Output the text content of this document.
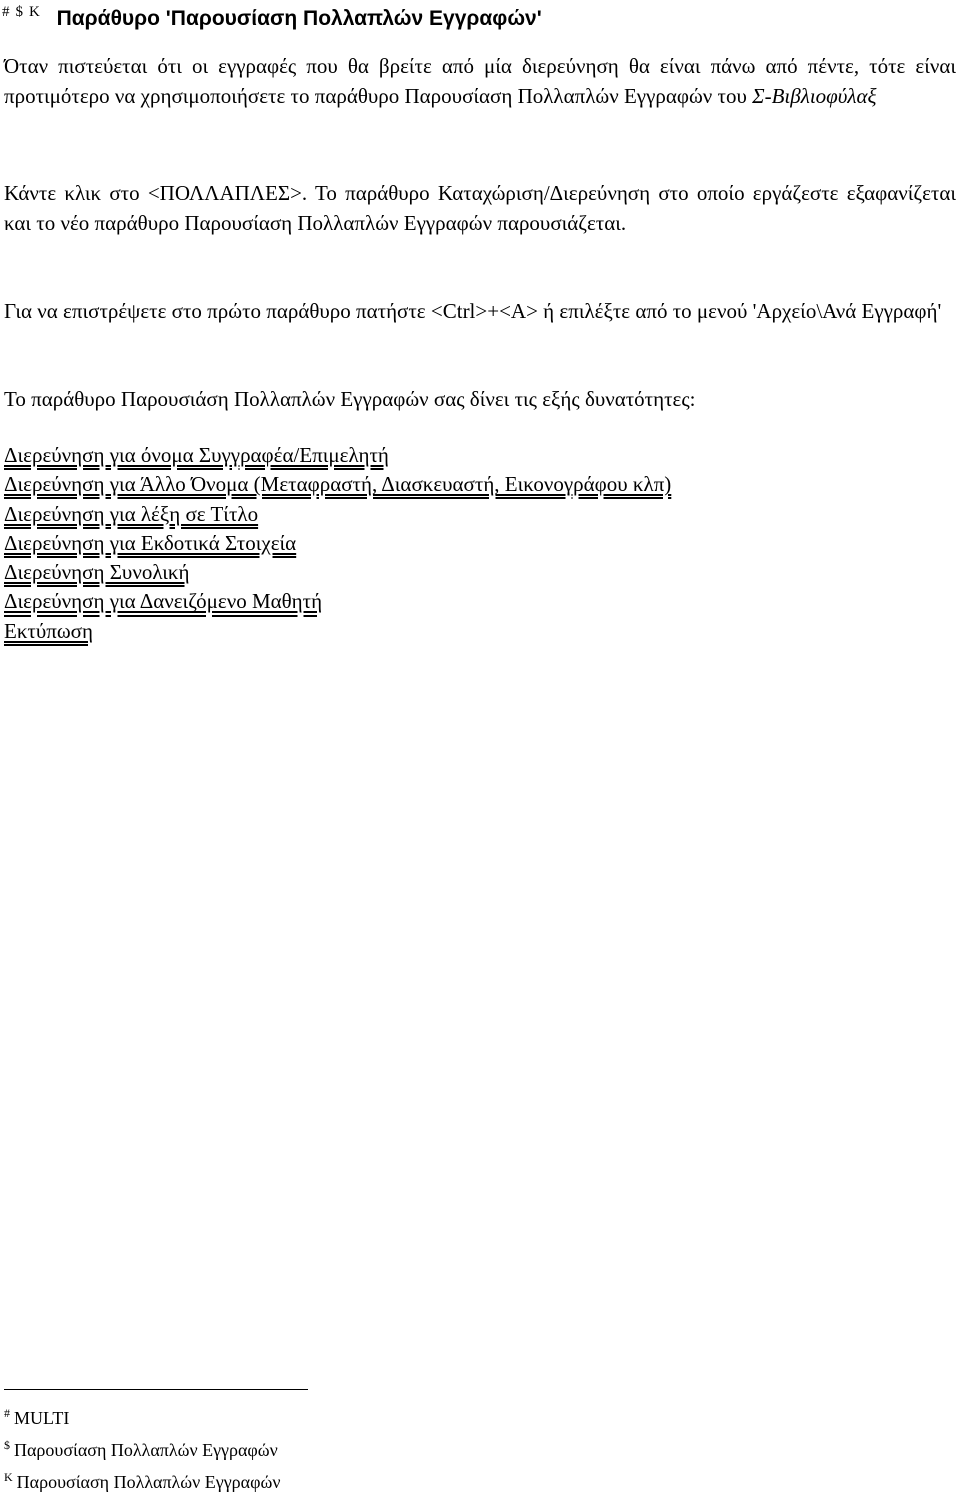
# $ K Παράθυρο 'Παρουσίαση Πολλαπλών Εγγραφών'

Όταν πιστεύεται ότι οι εγγραφές που θα βρείτε από μία διερεύνηση θα είναι πάνω από πέντε, τότε είναι προτιμότερο να χρησιμοποιήσετε το παράθυρο Παρουσίαση Πολλαπλών Εγγραφών του Σ-Βιβλιοφύλαξ

Κάντε κλικ στο <ΠΟΛΛΑΠΛΕΣ>. Το παράθυρο Καταχώριση/Διερεύνηση στο οποίο εργάζεστε εξαφανίζεται και το νέο παράθυρο Παρουσίαση Πολλαπλών Εγγραφών παρουσιάζεται.

Για να επιστρέψετε στο πρώτο παράθυρο πατήστε <Ctrl>+<A> ή επιλέξτε από το μενού 'Αρχείο\Ανά Εγγραφή'

Το παράθυρο Παρουσιάση Πολλαπλών Εγγραφών σας δίνει τις εξής δυνατότητες:

Διερεύνηση για όνομα Συγγραφέα/Επιμελητή
Διερεύνηση για Άλλο Όνομα (Μεταφραστή, Διασκευαστή, Εικονογράφου κλπ)
Διερεύνηση για λέξη σε Τίτλο
Διερεύνηση για Εκδοτικά Στοιχεία
Διερεύνηση Συνολική
Διερεύνηση για Δανειζόμενο Μαθητή
Εκτύπωση
# MULTI
$ Παρουσίαση Πολλαπλών Εγγραφών
$^K$ Παρουσίαση Πολλαπλών Εγγραφών
